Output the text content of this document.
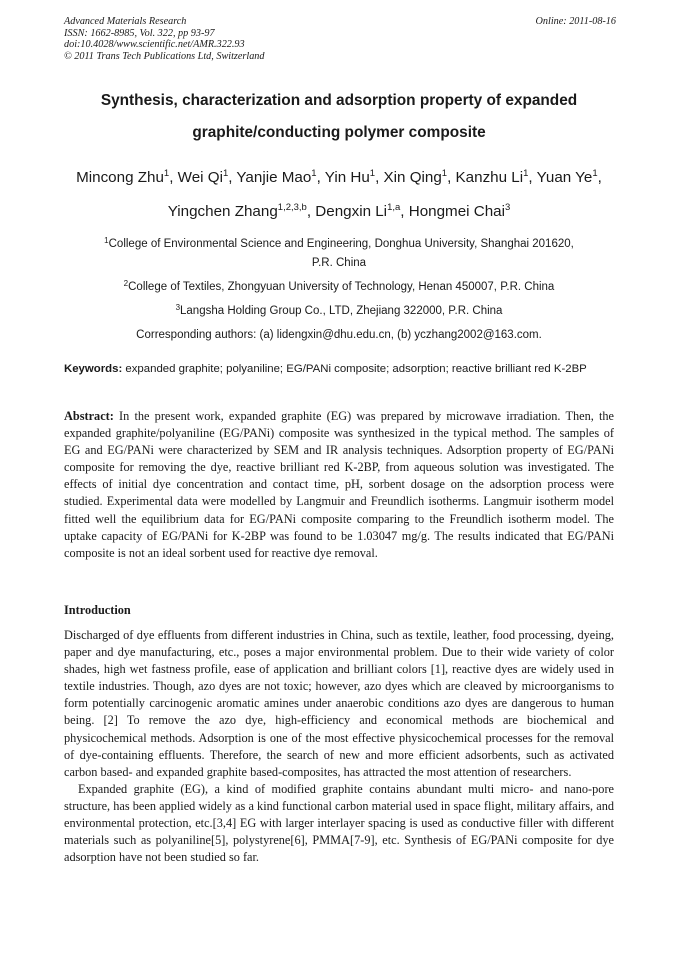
Advanced Materials Research
ISSN: 1662-8985, Vol. 322, pp 93-97
doi:10.4028/www.scientific.net/AMR.322.93
© 2011 Trans Tech Publications Ltd, Switzerland
Online: 2011-08-16
Synthesis, characterization and adsorption property of expanded
graphite/conducting polymer composite
Mincong Zhu$^1$, Wei Qi$^1$, Yanjie Mao$^1$, Yin Hu$^1$, Xin Qing$^1$, Kanzhu Li$^1$, Yuan Ye$^1$,
Yingchen Zhang$^{1,2,3,b}$, Dengxin Li$^{1,a}$, Hongmei Chai$^3$
$^1$College of Environmental Science and Engineering, Donghua University, Shanghai 201620,
P.R. China
$^2$College of Textiles, Zhongyuan University of Technology, Henan 450007, P.R. China
$^3$Langsha Holding Group Co., LTD, Zhejiang 322000, P.R. China
Corresponding authors: (a) lidengxin@dhu.edu.cn, (b) yczhang2002@163.com.
Keywords: expanded graphite; polyaniline; EG/PANi composite; adsorption; reactive brilliant red K-2BP
Abstract: In the present work, expanded graphite (EG) was prepared by microwave irradiation. Then, the expanded graphite/polyaniline (EG/PANi) composite was synthesized in the typical method. The samples of EG and EG/PANi were characterized by SEM and IR analysis techniques. Adsorption property of EG/PANi composite for removing the dye, reactive brilliant red K-2BP, from aqueous solution was investigated. The effects of initial dye concentration and contact time, pH, sorbent dosage on the adsorption process were studied. Experimental data were modelled by Langmuir and Freundlich isotherms. Langmuir isotherm model fitted well the equilibrium data for EG/PANi composite comparing to the Freundlich isotherm model. The uptake capacity of EG/PANi for K-2BP was found to be 1.03047 mg/g. The results indicated that EG/PANi composite is not an ideal sorbent used for reactive dye removal.
Introduction

Discharged of dye effluents from different industries in China, such as textile, leather, food processing, dyeing, paper and dye manufacturing, etc., poses a major environmental problem. Due to their wide variety of color shades, high wet fastness profile, ease of application and brilliant colors [1], reactive dyes are widely used in textile industries. Though, azo dyes are not toxic; however, azo dyes which are cleaved by microorganisms to form potentially carcinogenic aromatic amines under anaerobic conditions azo dyes are dangerous to human being. [2] To remove the azo dye, high-efficiency and economical methods are biochemical and physicochemical methods. Adsorption is one of the most effective physicochemical processes for the removal of dye-containing effluents. Therefore, the search of new and more efficient adsorbents, such as activated carbon based- and expanded graphite based-composites, has attracted the most attention of researchers.

Expanded graphite (EG), a kind of modified graphite contains abundant multi micro- and nano-pore structure, has been applied widely as a kind functional carbon material used in space flight, military affairs, and environmental protection, etc.[3,4] EG with larger interlayer spacing is used as conductive filler with different materials such as polyaniline[5], polystyrene[6], PMMA[7-9], etc. Synthesis of EG/PANi composite for dye adsorption have not been studied so far.
